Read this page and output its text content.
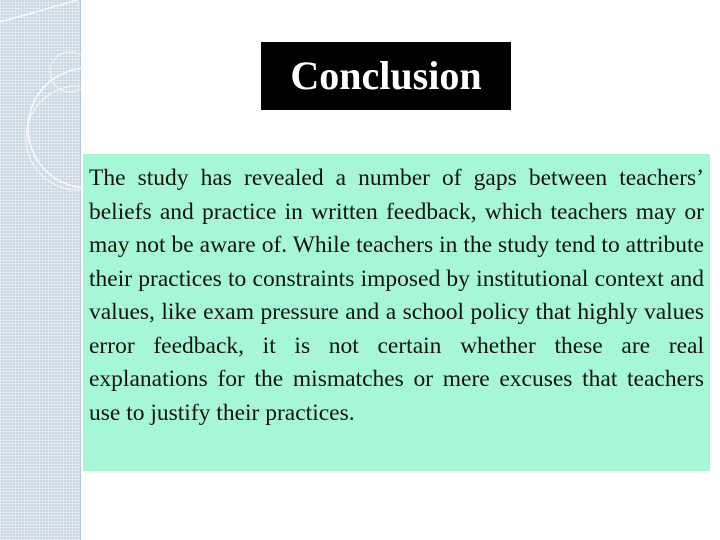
Conclusion

The study has revealed a number of gaps between teachers’ beliefs and practice in written feedback, which teachers may or may not be aware of. While teachers in the study tend to attribute their practices to constraints imposed by institutional context and values, like exam pressure and a school policy that highly values error feedback, it is not certain whether these are real explanations for the mismatches or mere excuses that teachers use to justify their practices.
